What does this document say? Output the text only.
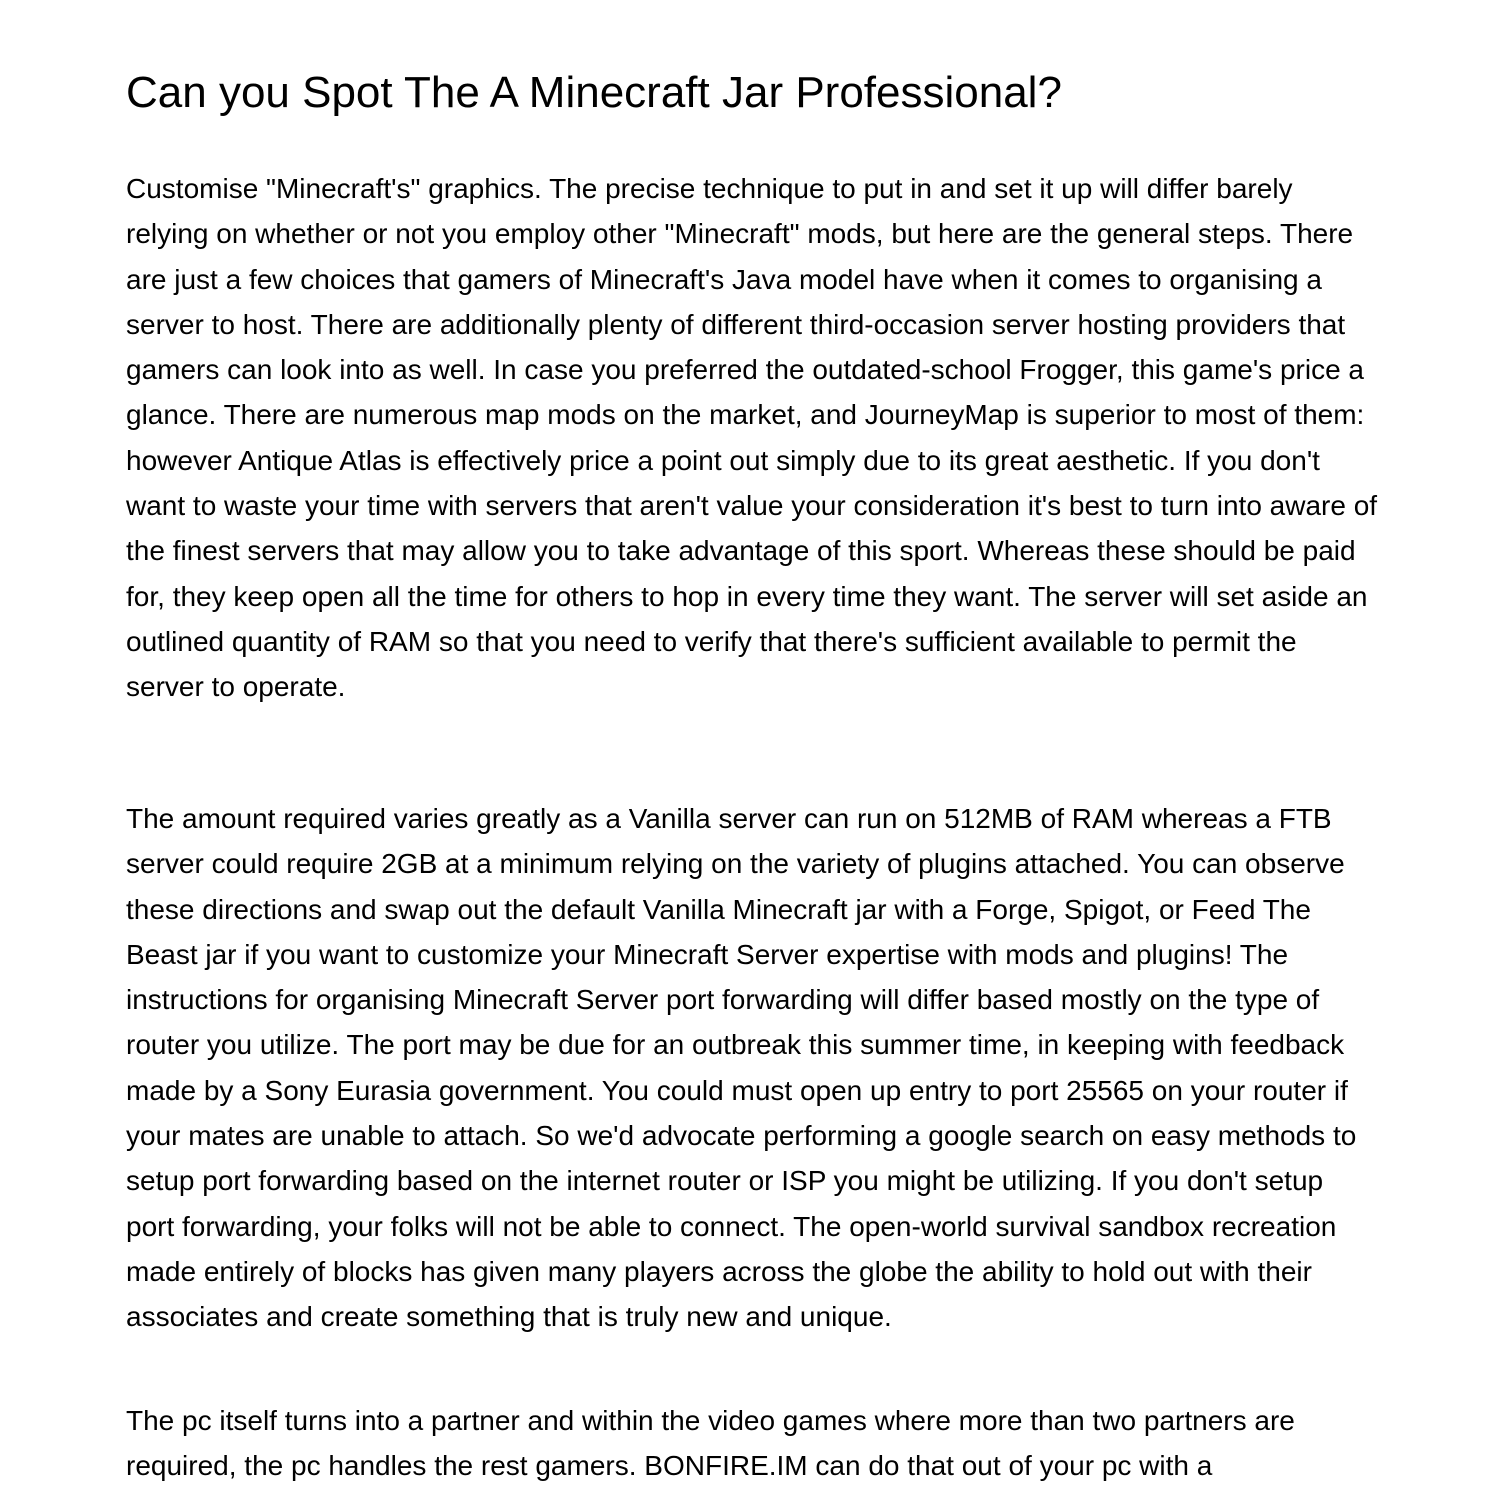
Can you Spot The A Minecraft Jar Professional?

Customise "Minecraft's" graphics. The precise technique to put in and set it up will differ barely relying on whether or not you employ other "Minecraft" mods, but here are the general steps. There are just a few choices that gamers of Minecraft's Java model have when it comes to organising a server to host. There are additionally plenty of different third-occasion server hosting providers that gamers can look into as well. In case you preferred the outdated-school Frogger, this game's price a glance. There are numerous map mods on the market, and JourneyMap is superior to most of them: however Antique Atlas is effectively price a point out simply due to its great aesthetic. If you don't want to waste your time with servers that aren't value your consideration it's best to turn into aware of the finest servers that may allow you to take advantage of this sport. Whereas these should be paid for, they keep open all the time for others to hop in every time they want. The server will set aside an outlined quantity of RAM so that you need to verify that there's sufficient available to permit the server to operate.

The amount required varies greatly as a Vanilla server can run on 512MB of RAM whereas a FTB server could require 2GB at a minimum relying on the variety of plugins attached. You can observe these directions and swap out the default Vanilla Minecraft jar with a Forge, Spigot, or Feed The Beast jar if you want to customize your Minecraft Server expertise with mods and plugins! The instructions for organising Minecraft Server port forwarding will differ based mostly on the type of router you utilize. The port may be due for an outbreak this summer time, in keeping with feedback made by a Sony Eurasia government. You could must open up entry to port 25565 on your router if your mates are unable to attach. So we'd advocate performing a google search on easy methods to setup port forwarding based on the internet router or ISP you might be utilizing. If you don't setup port forwarding, your folks will not be able to connect. The open-world survival sandbox recreation made entirely of blocks has given many players across the globe the ability to hold out with their associates and create something that is truly new and unique.

The pc itself turns into a partner and within the video games where more than two partners are required, the pc handles the rest gamers. BONFIRE.IM can do that out of your pc with a
